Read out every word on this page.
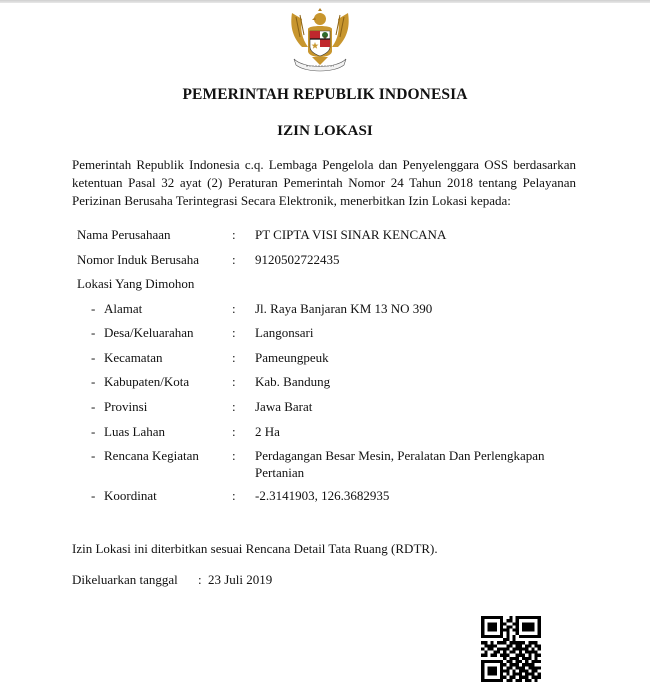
PEMERINTAH REPUBLIK INDONESIA
IZIN LOKASI
Pemerintah Republik Indonesia c.q. Lembaga Pengelola dan Penyelenggara OSS berdasarkan
ketentuan Pasal 32 ayat (2) Peraturan Pemerintah Nomor 24 Tahun 2018 tentang Pelayanan
Perizinan Berusaha Terintegrasi Secara Elektronik, menerbitkan Izin Lokasi kepada:
Nama Perusahaan	: PT CIPTA VISI SINAR KENCANA
Nomor Induk Berusaha	: 9120502722435
Lokasi Yang Dimohon
- Alamat	: Jl. Raya Banjaran KM 13 NO 390
- Desa/Keluarahan	: Langonsari
- Kecamatan	: Pameungpeuk
- Kabupaten/Kota	: Kab. Bandung
- Provinsi	: Jawa Barat
- Luas Lahan	: 2 Ha
- Rencana Kegiatan	: Perdagangan Besar Mesin, Peralatan Dan Perlengkapan Pertanian
- Koordinat	: -2.3141903, 126.3682935
Izin Lokasi ini diterbitkan sesuai Rencana Detail Tata Ruang (RDTR).
Dikeluarkan tanggal : 23 Juli 2019
